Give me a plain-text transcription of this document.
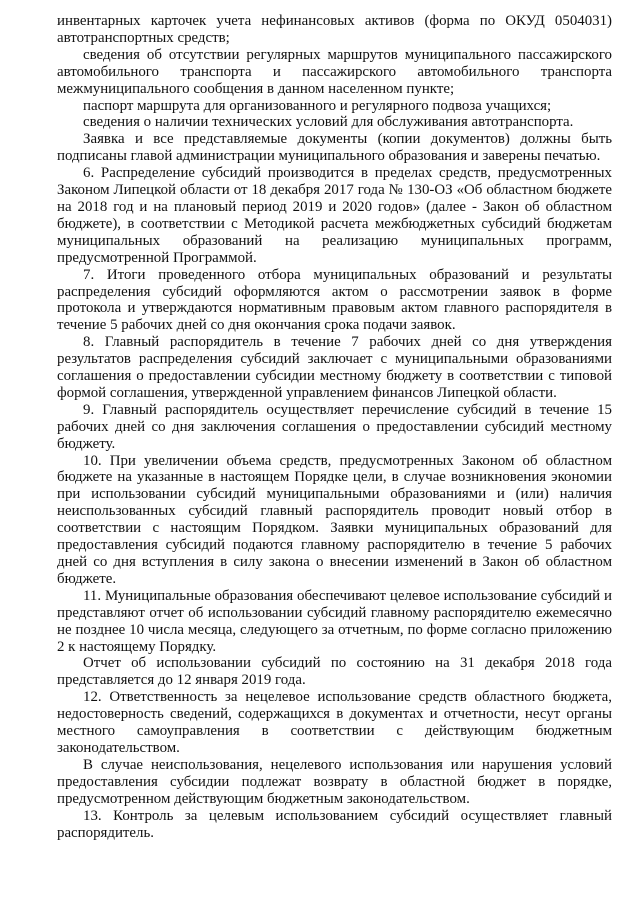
инвентарных карточек учета нефинансовых активов (форма по ОКУД 0504031) автотранспортных средств;

сведения об отсутствии регулярных маршрутов муниципального пассажирского автомобильного транспорта и пассажирского автомобильного транспорта межмуниципального сообщения в данном населенном пункте;

паспорт маршрута для организованного и регулярного подвоза учащихся;

сведения о наличии технических условий для обслуживания автотранспорта.

Заявка и все представляемые документы (копии документов) должны быть подписаны главой администрации муниципального образования и заверены печатью.

6. Распределение субсидий производится в пределах средств, предусмотренных Законом Липецкой области от 18 декабря 2017 года № 130-ОЗ «Об областном бюджете на 2018 год и на плановый период 2019 и 2020 годов» (далее - Закон об областном бюджете), в соответствии с Методикой расчета межбюджетных субсидий бюджетам муниципальных образований на реализацию муниципальных программ, предусмотренной Программой.

7. Итоги проведенного отбора муниципальных образований и результаты распределения субсидий оформляются актом о рассмотрении заявок в форме протокола и утверждаются нормативным правовым актом главного распорядителя в течение 5 рабочих дней со дня окончания срока подачи заявок.

8. Главный распорядитель в течение 7 рабочих дней со дня утверждения результатов распределения субсидий заключает с муниципальными образованиями соглашения о предоставлении субсидии местному бюджету в соответствии с типовой формой соглашения, утвержденной управлением финансов Липецкой области.

9. Главный распорядитель осуществляет перечисление субсидий в течение 15 рабочих дней со дня заключения соглашения о предоставлении субсидий местному бюджету.

10. При увеличении объема средств, предусмотренных Законом об областном бюджете на указанные в настоящем Порядке цели, в случае возникновения экономии при использовании субсидий муниципальными образованиями и (или) наличия неиспользованных субсидий главный распорядитель проводит новый отбор в соответствии с настоящим Порядком. Заявки муниципальных образований для предоставления субсидий подаются главному распорядителю в течение 5 рабочих дней со дня вступления в силу закона о внесении изменений в Закон об областном бюджете.

11. Муниципальные образования обеспечивают целевое использование субсидий и представляют отчет об использовании субсидий главному распорядителю ежемесячно не позднее 10 числа месяца, следующего за отчетным, по форме согласно приложению 2 к настоящему Порядку.

Отчет об использовании субсидий по состоянию на 31 декабря 2018 года представляется до 12 января 2019 года.

12. Ответственность за нецелевое использование средств областного бюджета, недостоверность сведений, содержащихся в документах и отчетности, несут органы местного самоуправления в соответствии с действующим бюджетным законодательством.

В случае неиспользования, нецелевого использования или нарушения условий предоставления субсидии подлежат возврату в областной бюджет в порядке, предусмотренном действующим бюджетным законодательством.

13. Контроль за целевым использованием субсидий осуществляет главный распорядитель.
